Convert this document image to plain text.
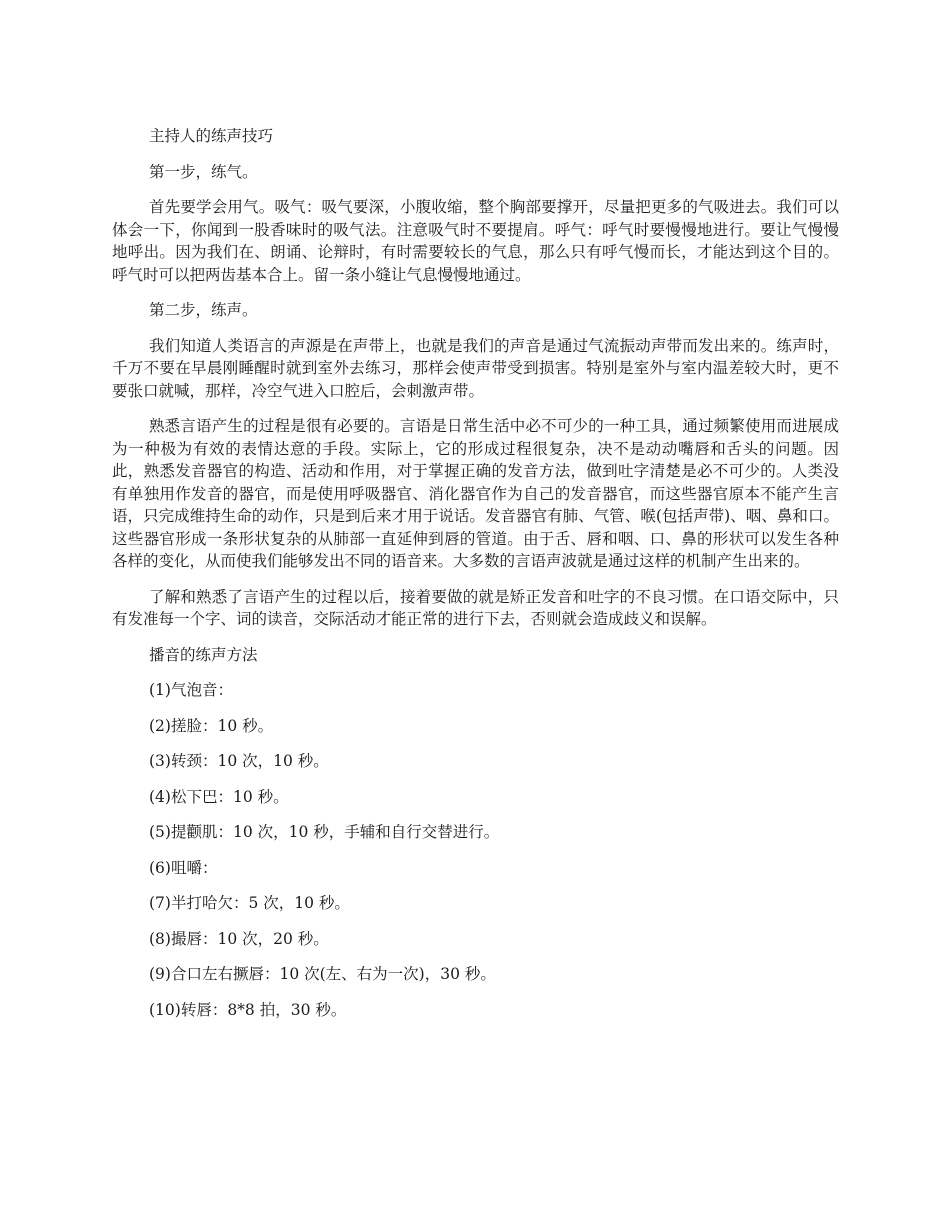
主持人的练声技巧

第一步，练气。

首先要学会用气。吸气：吸气要深，小腹收缩，整个胸部要撑开，尽量把更多的气吸进去。我们可以体会一下，你闻到一股香味时的吸气法。注意吸气时不要提肩。呼气：呼气时要慢慢地进行。要让气慢慢地呼出。因为我们在、朗诵、论辩时，有时需要较长的气息，那么只有呼气慢而长，才能达到这个目的。呼气时可以把两齿基本合上。留一条小缝让气息慢慢地通过。

第二步，练声。

我们知道人类语言的声源是在声带上，也就是我们的声音是通过气流振动声带而发出来的。练声时，千万不要在早晨刚睡醒时就到室外去练习，那样会使声带受到损害。特别是室外与室内温差较大时，更不要张口就喊，那样，冷空气进入口腔后，会刺激声带。

熟悉言语产生的过程是很有必要的。言语是日常生活中必不可少的一种工具，通过频繁使用而进展成为一种极为有效的表情达意的手段。实际上，它的形成过程很复杂，决不是动动嘴唇和舌头的问题。因此，熟悉发音器官的构造、活动和作用，对于掌握正确的发音方法，做到吐字清楚是必不可少的。人类没有单独用作发音的器官，而是使用呼吸器官、消化器官作为自己的发音器官，而这些器官原本不能产生言语，只完成维持生命的动作，只是到后来才用于说话。发音器官有肺、气管、喉(包括声带)、咽、鼻和口。这些器官形成一条形状复杂的从肺部一直延伸到唇的管道。由于舌、唇和咽、口、鼻的形状可以发生各种各样的变化，从而使我们能够发出不同的语音来。大多数的言语声波就是通过这样的机制产生出来的。

了解和熟悉了言语产生的过程以后，接着要做的就是矫正发音和吐字的不良习惯。在口语交际中，只有发准每一个字、词的读音，交际活动才能正常的进行下去，否则就会造成歧义和误解。

播音的练声方法

(1)气泡音：

(2)搓脸：10 秒。

(3)转颈：10 次，10 秒。

(4)松下巴：10 秒。

(5)提颧肌：10 次，10 秒，手辅和自行交替进行。

(6)咀嚼：

(7)半打哈欠：5 次，10 秒。

(8)撮唇：10 次，20 秒。

(9)合口左右撅唇：10 次(左、右为一次)，30 秒。

(10)转唇：8*8 拍，30 秒。
